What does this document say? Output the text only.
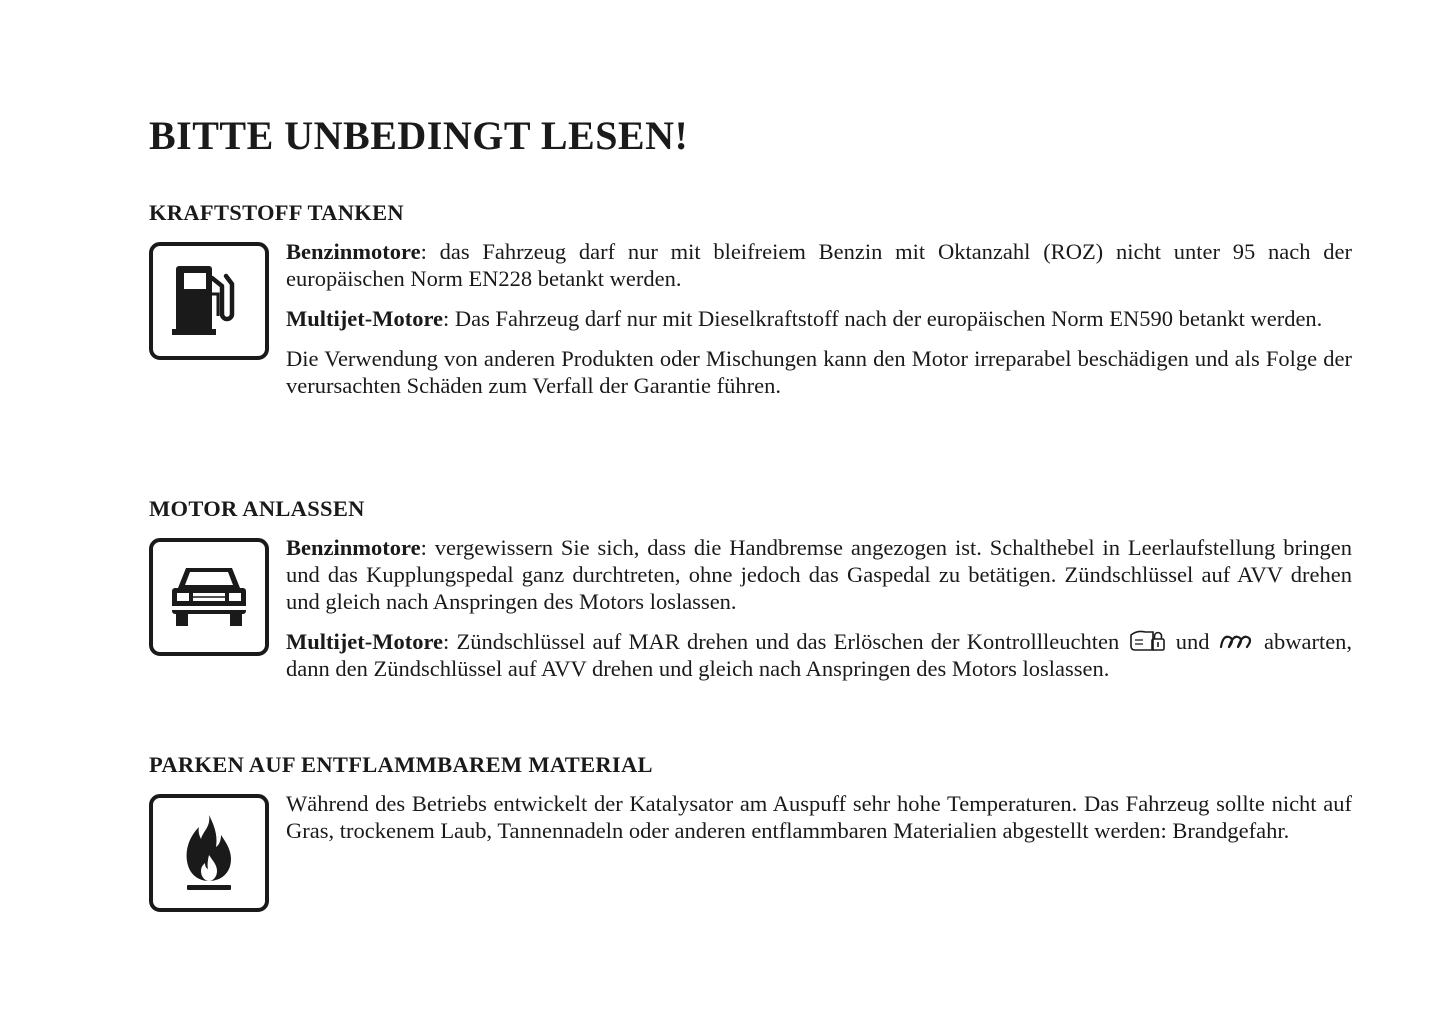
BITTE UNBEDINGT LESEN!
KRAFTSTOFF TANKEN

Benzinmotore: das Fahrzeug darf nur mit bleifreiem Benzin mit Oktanzahl (ROZ) nicht unter 95 nach der europäischen Norm EN228 betankt werden.

Multijet-Motore: Das Fahrzeug darf nur mit Dieselkraftstoff nach der europäischen Norm EN590 betankt werden.

Die Verwendung von anderen Produkten oder Mischungen kann den Motor irreparabel beschädigen und als Folge der verursachten Schäden zum Verfall der Garantie führen.

MOTOR ANLASSEN

Benzinmotore: vergewissern Sie sich, dass die Handbremse angezogen ist. Schalthebel in Leerlaufstellung bringen und das Kupplungspedal ganz durchtreten, ohne jedoch das Gaspedal zu betätigen. Zündschlüssel auf AVV drehen und gleich nach Anspringen des Motors loslassen.

Multijet-Motore: Zündschlüssel auf MAR drehen und das Erlöschen der Kontrollleuchten	und abwarten, dann den Zündschlüssel auf AVV drehen und gleich nach Anspringen des Motors loslassen.

PARKEN AUF ENTFLAMMBAREM MATERIAL

Während des Betriebs entwickelt der Katalysator am Auspuff sehr hohe Temperaturen. Das Fahrzeug sollte nicht auf Gras, trockenem Laub, Tannennadeln oder anderen entflammbaren Materialien abgestellt werden: Brandgefahr.
